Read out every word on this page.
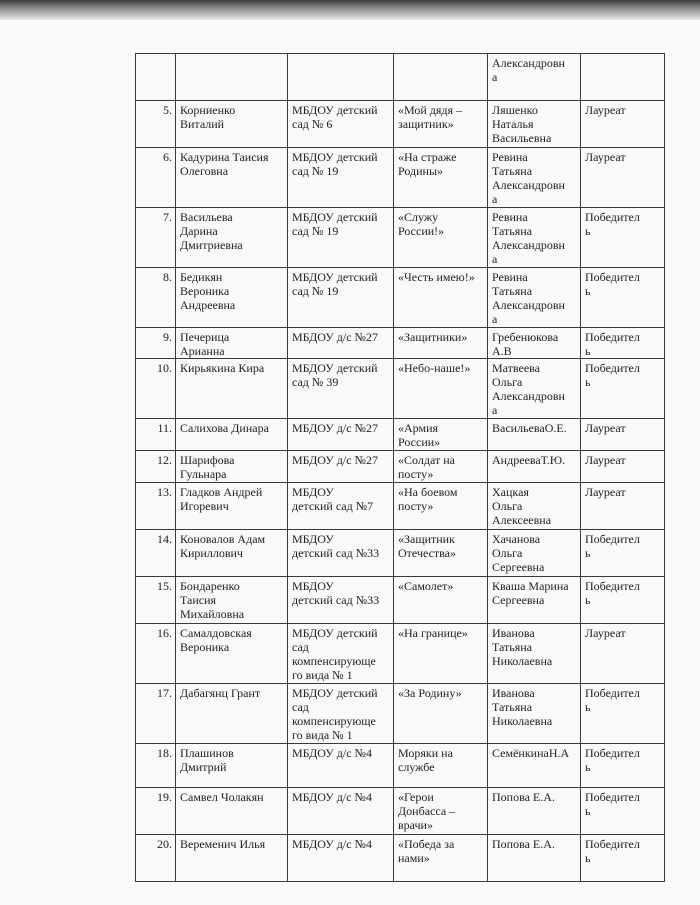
				Александровн
а	
5.	Корниенко
Виталий	МБДОУ детский
сад № 6	«Мой дядя –
защитник»	Ляшенко
Наталья
Васильевна	Лауреат
6.	Кадурина Таисия
Олеговна	МБДОУ детский
сад № 19	«На страже
Родины»	Ревина
Татьяна
Александровн
а	Лауреат
7.	Васильева
Дарина
Дмитриевна	МБДОУ детский
сад № 19	«Служу
России!»	Ревина
Татьяна
Александровн
а	Победител
ь
8.	Бедикян
Вероника
Андреевна	МБДОУ детский
сад № 19	«Честь имею!»	Ревина
Татьяна
Александровн
а	Победител
ь
9.	Печерица
Арианна	МБДОУ д/с №27	«Защитники»	Гребенюкова
А.В	Победител
ь
10.	Кирьякина Кира	МБДОУ детский
сад № 39	«Небо-наше!»	Матвеева
Ольга
Александровн
а	Победител
ь
11.	Салихова Динара	МБДОУ д/с №27	«Армия
России»	ВасильеваО.Е.	Лауреат
12.	Шарифова
Гульнара	МБДОУ д/с №27	«Солдат на
посту»	АндрееваТ.Ю.	Лауреат
13.	Гладков Андрей
Игоревич	МБДОУ
детский сад №7	«На боевом
посту»	Хацкая
Ольга
Алексеевна	Лауреат
14.	Коновалов Адам
Кириллович	МБДОУ
детский сад №33	«Защитник
Отечества»	Хачанова
Ольга
Сергеевна	Победител
ь
15.	Бондаренко
Таисия
Михайловна	МБДОУ
детский сад №33	«Самолет»	Кваша Марина
Сергеевна	Победител
ь
16.	Самалдовская
Вероника	МБДОУ детский
сад
компенсирующе
го вида № 1	«На границе»	Иванова
Татьяна
Николаевна	Лауреат
17.	Дабагянц Грант	МБДОУ детский
сад
компенсирующе
го вида № 1	«За Родину»	Иванова
Татьяна
Николаевна	Победител
ь
18.	Плашинов
Дмитрий	МБДОУ д/с №4	Моряки на
службе	СемёнкинаН.А	Победител
ь
19.	Самвел Чолакян	МБДОУ д/с №4	«Герои
Донбасса –
врачи»	Попова Е.А.	Победител
ь
20.	Веременич Илья	МБДОУ д/с №4	«Победа за
нами»	Попова Е.А.	Победител
ь
